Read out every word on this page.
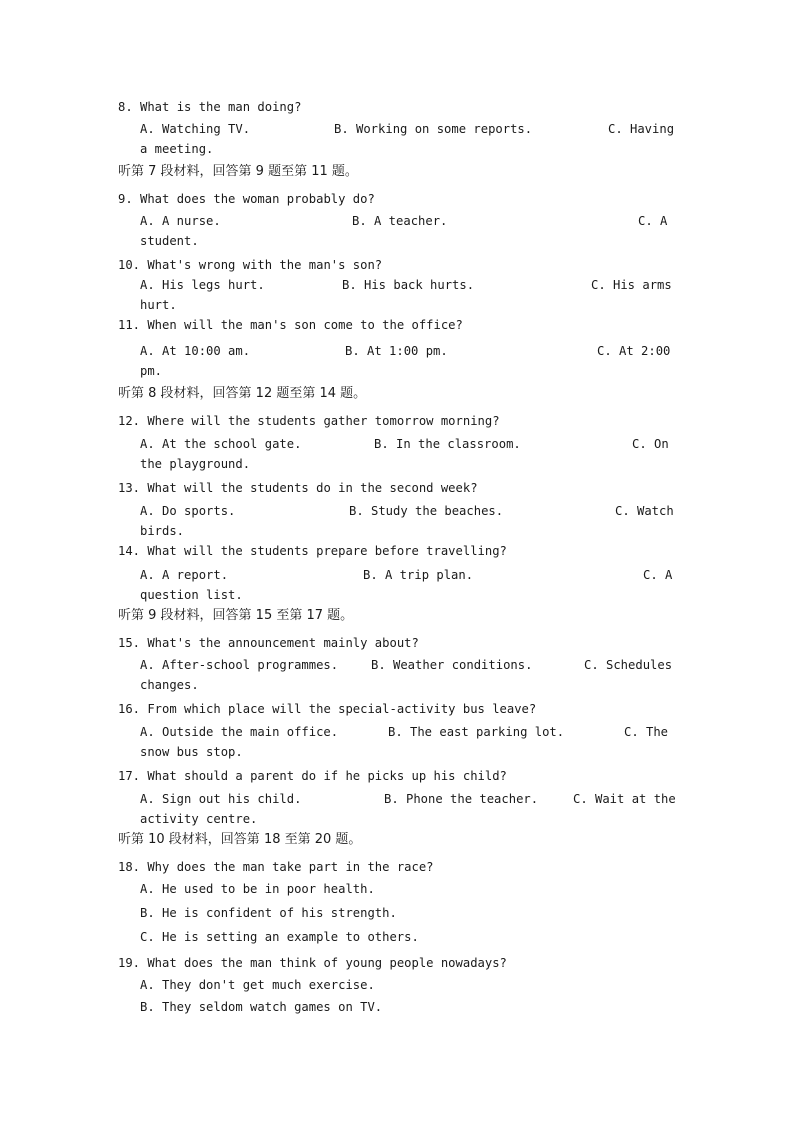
8. What is the man doing?
A. Watching TV.	B. Working on some reports.	C. Having
a meeting.
听第 7 段材料，回答第 9 题至第 11 题。
9. What does the woman probably do?
A. A nurse.	B. A teacher.	C. A
student.
10. What's wrong with the man's son?
A. His legs hurt.	B. His back hurts.	C. His arms
hurt.
11. When will the man's son come to the office?
A. At 10:00 am.	B. At 1:00 pm.	C. At 2:00
pm.
听第 8 段材料，回答第 12 题至第 14 题。
12. Where will the students gather tomorrow morning?
A. At the school gate.	B. In the classroom.	C. On
the playground.
13. What will the students do in the second week?
A. Do sports.	B. Study the beaches.	C. Watch
birds.
14. What will the students prepare before travelling?
A. A report.	B. A trip plan.	C. A
question list.
听第 9 段材料，回答第 15 至第 17 题。
15. What's the announcement mainly about?
A. After-school programmes.	B. Weather conditions.	C. Schedules
changes.
16. From which place will the special-activity bus leave?
A. Outside the main office.	B. The east parking lot.	C. The
snow bus stop.
17. What should a parent do if he picks up his child?
A. Sign out his child.	B. Phone the teacher.	C. Wait at the
activity centre.
听第 10 段材料，回答第 18 至第 20 题。
18. Why does the man take part in the race?
A. He used to be in poor health.
B. He is confident of his strength.
C. He is setting an example to others.
19. What does the man think of young people nowadays?
A. They don't get much exercise.
B. They seldom watch games on TV.
